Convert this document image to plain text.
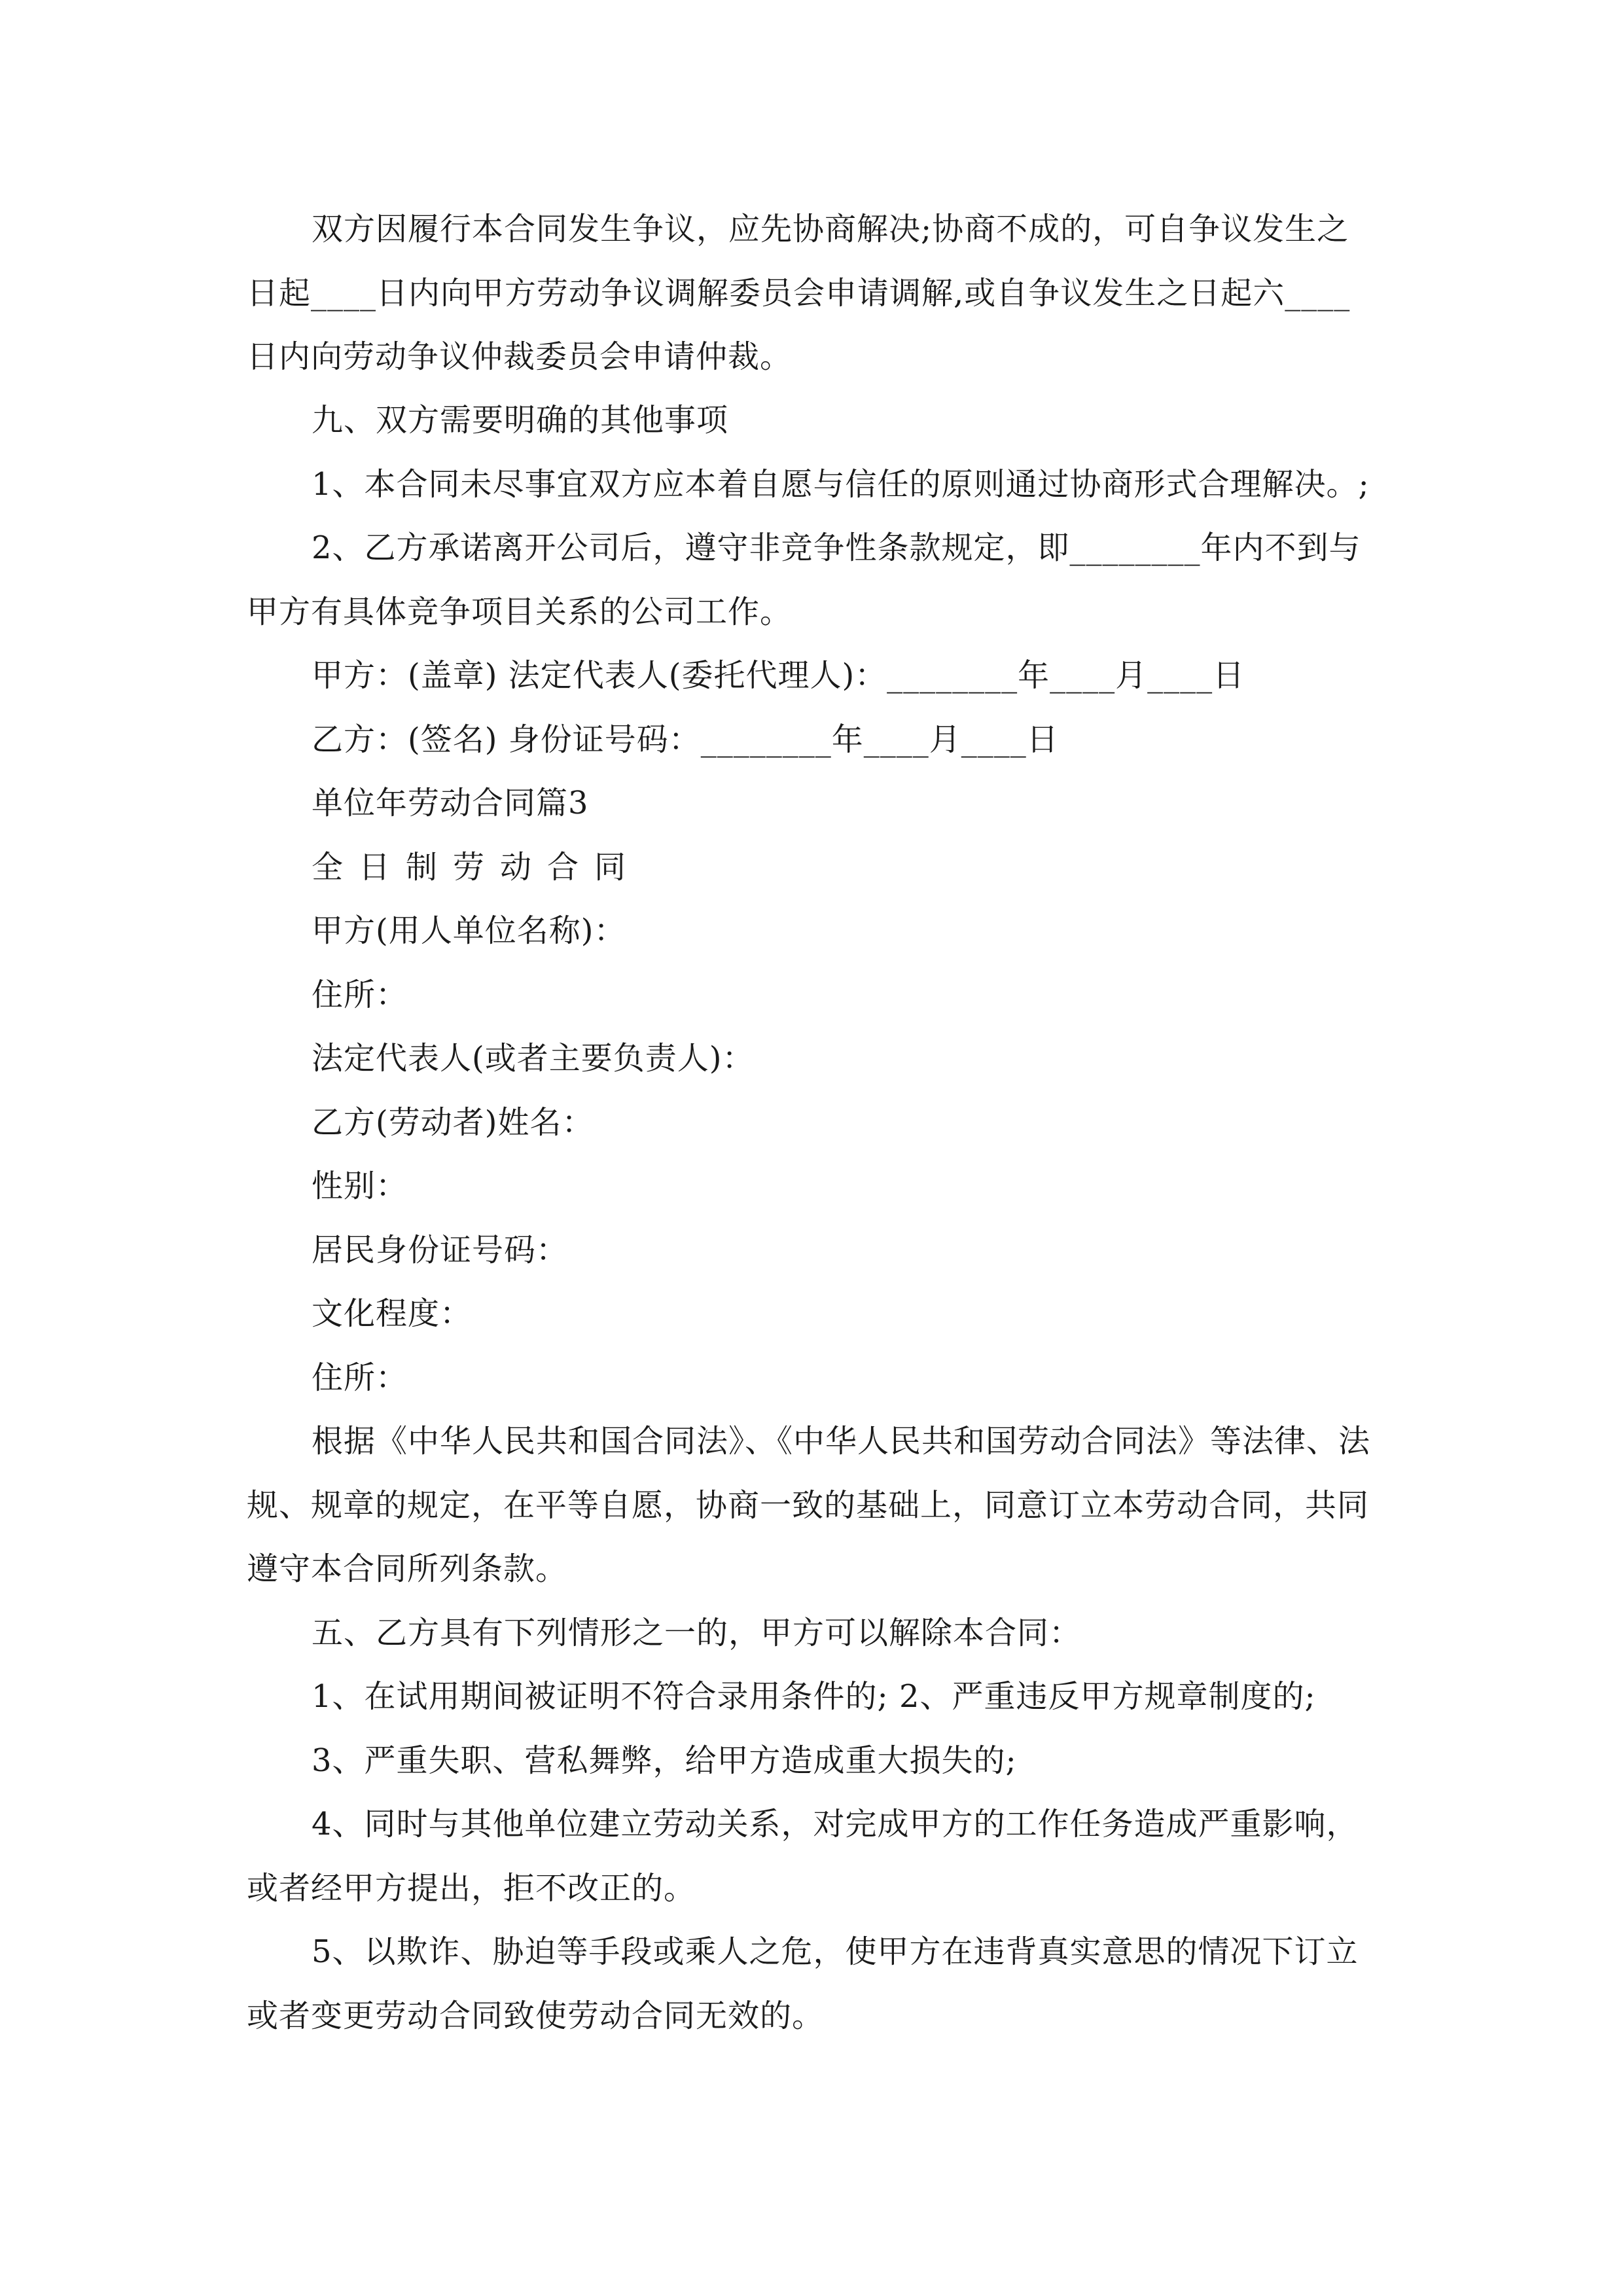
双方因履行本合同发生争议，应先协商解决;协商不成的，可自争议发生之
日起____日内向甲方劳动争议调解委员会申请调解,或自争议发生之日起六____
日内向劳动争议仲裁委员会申请仲裁。
九、双方需要明确的其他事项
1、本合同未尽事宜双方应本着自愿与信任的原则通过协商形式合理解决。;
2、乙方承诺离开公司后，遵守非竞争性条款规定，即________年内不到与
甲方有具体竞争项目关系的公司工作。
甲方：(盖章) 法定代表人(委托代理人)：________年____月____日
乙方：(签名) 身份证号码：________年____月____日
单位年劳动合同篇3
全日制劳动合同
甲方(用人单位名称)：
住所：
法定代表人(或者主要负责人)：
乙方(劳动者)姓名：
性别：
居民身份证号码：
文化程度：
住所：
根据《中华人民共和国合同法》、《中华人民共和国劳动合同法》等法律、法
规、规章的规定，在平等自愿，协商一致的基础上，同意订立本劳动合同，共同
遵守本合同所列条款。
五、乙方具有下列情形之一的，甲方可以解除本合同：
1、在试用期间被证明不符合录用条件的; 2、严重违反甲方规章制度的;
3、严重失职、营私舞弊，给甲方造成重大损失的;
4、同时与其他单位建立劳动关系，对完成甲方的工作任务造成严重影响，
或者经甲方提出，拒不改正的。
5、以欺诈、胁迫等手段或乘人之危，使甲方在违背真实意思的情况下订立
或者变更劳动合同致使劳动合同无效的。
